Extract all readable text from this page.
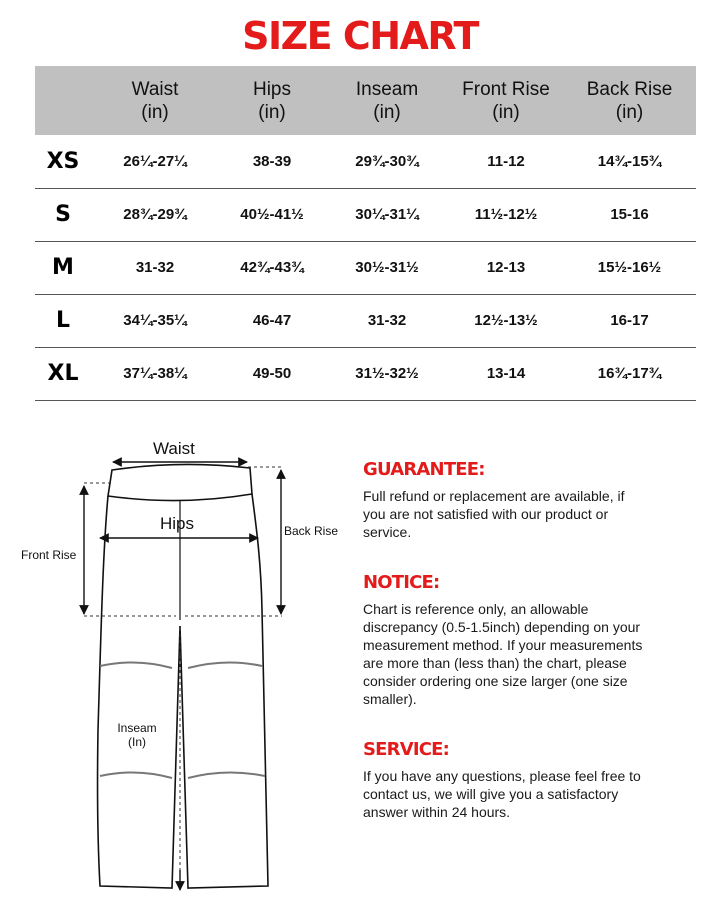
SIZE CHART

	Waist
(in)	Hips
(in)	Inseam
(in)	Front Rise
(in)	Back Rise
(in)

XS	26¼-27¼	38-39	29¾-30¾	11-12	14¾-15¾
S	28¾-29¾	40½-41½	30¼-31¼	11½-12½	15-16
M	31-32	42¾-43¾	30½-31½	12-13	15½-16½
L	34¼-35¼	46-47	31-32	12½-13½	16-17
XL	37¼-38¼	49-50	31½-32½	13-14	16¾-17¾
Waist
Hips	Back Rise
Front Rise
Inseam
(In)
GUARANTEE:

Full refund or replacement are available, if you are not satisfied with our product or service.

NOTICE:

Chart is reference only, an allowable discrepancy (0.5-1.5inch) depending on your measurement method. If your measurements are more than (less than) the chart, please consider ordering one size larger (one size smaller).

SERVICE:

If you have any questions, please feel free to contact us, we will give you a satisfactory answer within 24 hours.
